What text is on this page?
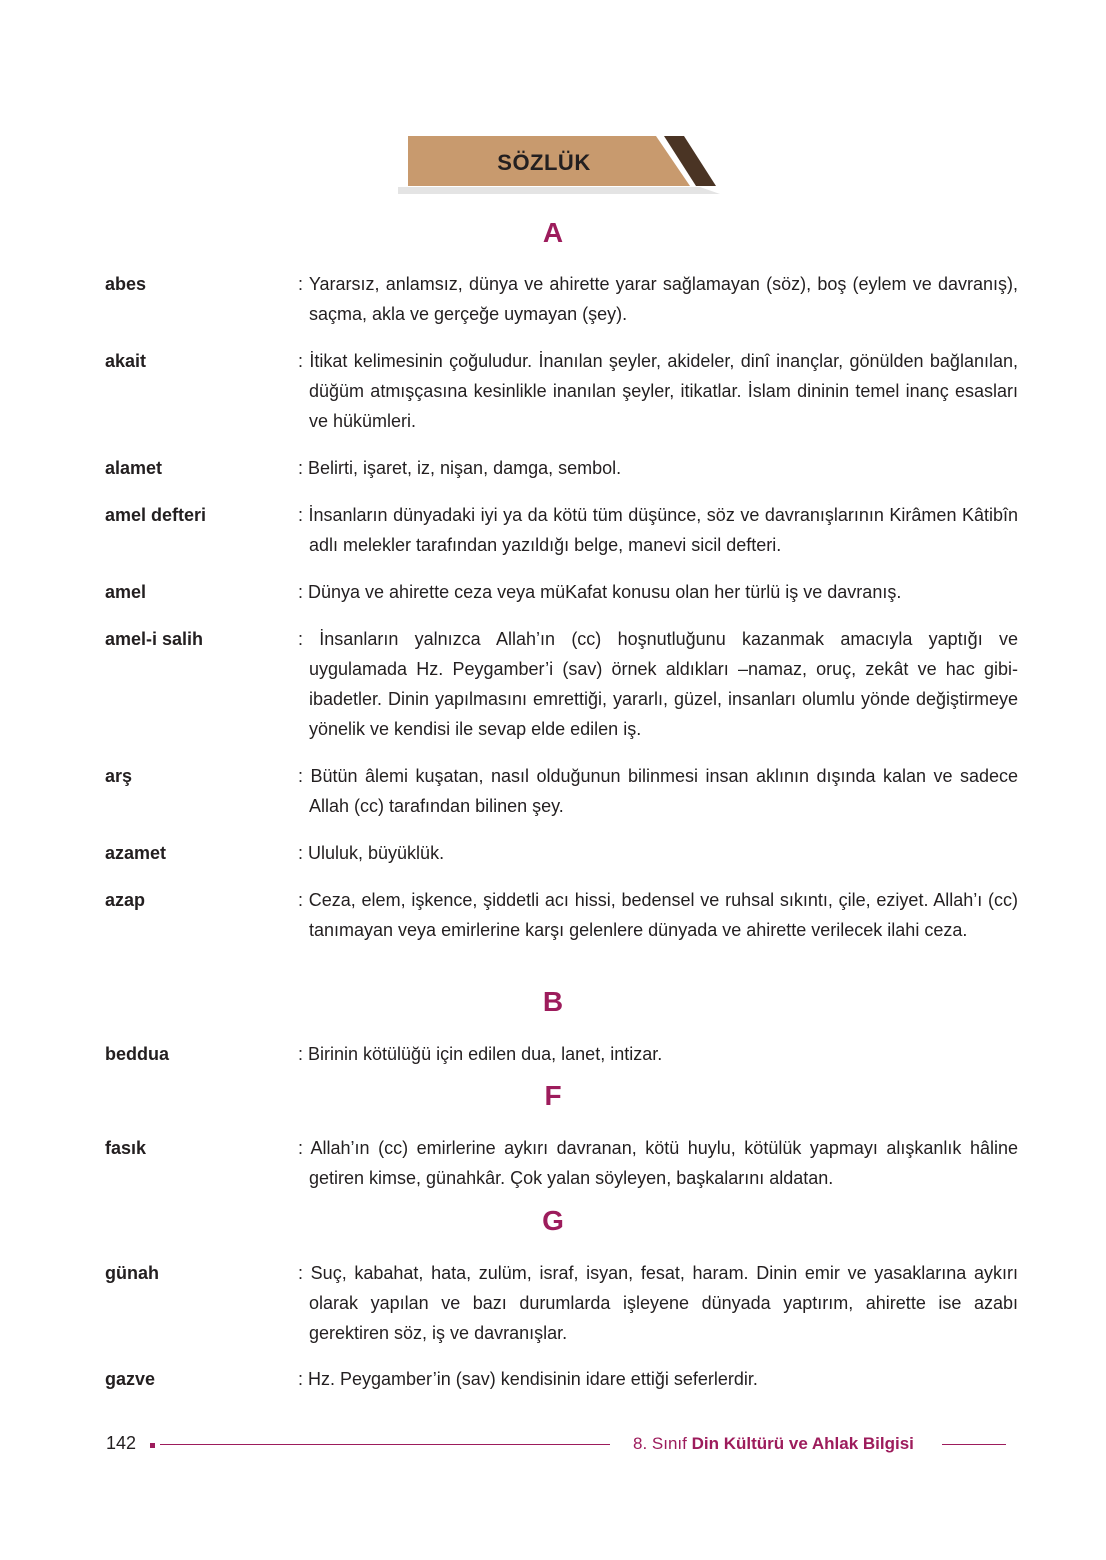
SÖZLÜK
A
abes	: Yararsız, anlamsız, dünya ve ahirette yarar sağlamayan (söz), boş (eylem ve davranış), saçma, akla ve gerçeğe uymayan (şey).
akait	: İtikat kelimesinin çoğuludur. İnanılan şeyler, akideler, dinî inançlar, gönülden bağlanılan, düğüm atmışçasına kesinlikle inanılan şeyler, itikatlar. İslam dininin temel inanç esasları ve hükümleri.
alamet	: Belirti, işaret, iz, nişan, damga, sembol.
amel defteri	: İnsanların dünyadaki iyi ya da kötü tüm düşünce, söz ve davranışlarının Kirâmen Kâtibîn adlı melekler tarafından yazıldığı belge, manevi sicil defteri.
amel	: Dünya ve ahirette ceza veya müKafat konusu olan her türlü iş ve davranış.
amel-i salih	: İnsanların yalnızca Allah’ın (cc) hoşnutluğunu kazanmak amacıyla yaptığı ve uygulamada Hz. Peygamber’i (sav) örnek aldıkları –namaz, oruç, zekât ve hac gibi- ibadetler. Dinin yapılmasını emrettiği, yararlı, güzel, insanları olumlu yönde değiştirmeye yönelik ve kendisi ile sevap elde edilen iş.
arş	: Bütün âlemi kuşatan, nasıl olduğunun bilinmesi insan aklının dışında kalan ve sadece Allah (cc) tarafından bilinen şey.
azamet	: Ululuk, büyüklük.
azap	: Ceza, elem, işkence, şiddetli acı hissi, bedensel ve ruhsal sıkıntı, çile, eziyet. Allah’ı (cc) tanımayan veya emirlerine karşı gelenlere dünyada ve ahirette verilecek ilahi ceza.
B
beddua	: Birinin kötülüğü için edilen dua, lanet, intizar.
F
fasık	: Allah’ın (cc) emirlerine aykırı davranan, kötü huylu, kötülük yapmayı alışkanlık hâline getiren kimse, günahkâr. Çok yalan söyleyen, başkalarını aldatan.
G
günah	: Suç, kabahat, hata, zulüm, israf, isyan, fesat, haram. Dinin emir ve yasaklarına aykırı olarak yapılan ve bazı durumlarda işleyene dünyada yaptırım, ahirette ise azabı gerektiren söz, iş ve davranışlar.
gazve	: Hz. Peygamber’in (sav) kendisinin idare ettiği seferlerdir.
142	8. Sınıf Din Kültürü ve Ahlak Bilgisi
